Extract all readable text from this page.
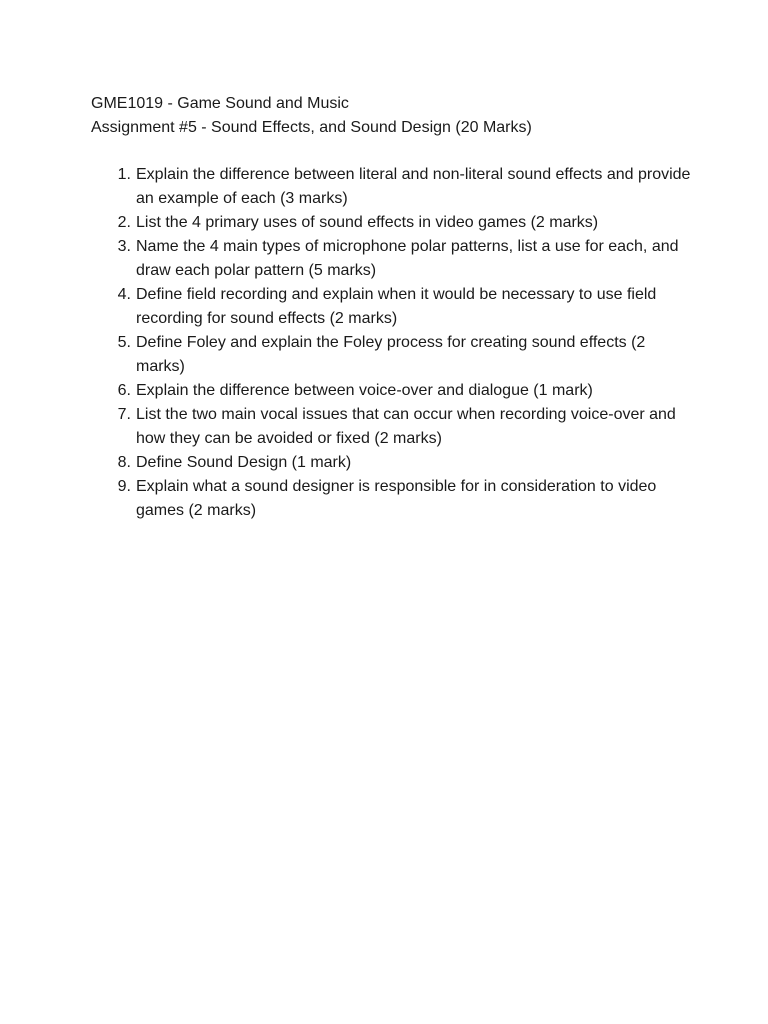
GME1019 - Game Sound and Music
Assignment #5 - Sound Effects, and Sound Design (20 Marks)
1. Explain the difference between literal and non-literal sound effects and provide an example of each (3 marks)
2. List the 4 primary uses of sound effects in video games (2 marks)
3. Name the 4 main types of microphone polar patterns, list a use for each, and draw each polar pattern (5 marks)
4. Define field recording and explain when it would be necessary to use field recording for sound effects (2 marks)
5. Define Foley and explain the Foley process for creating sound effects (2 marks)
6. Explain the difference between voice-over and dialogue (1 mark)
7. List the two main vocal issues that can occur when recording voice-over and how they can be avoided or fixed (2 marks)
8. Define Sound Design (1 mark)
9. Explain what a sound designer is responsible for in consideration to video games (2 marks)
